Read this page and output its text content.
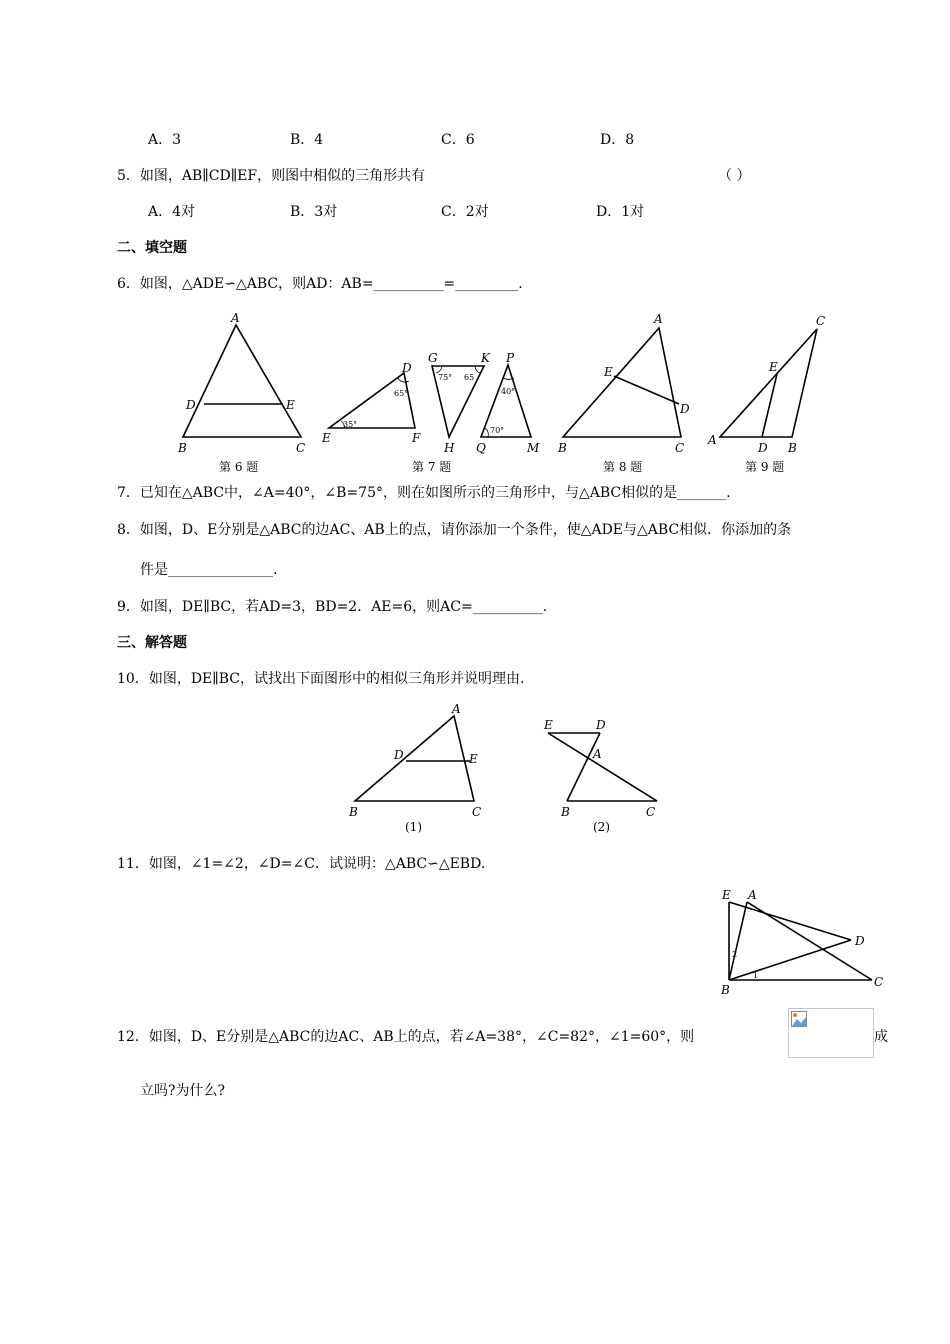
A．3	B．4	C．6	D．8
5．如图，AB∥CD∥EF，则图中相似的三角形共有	（ ）
A．4对	B．3对	C．2对	D．1对
二、填空题
6．如图，△ADE∽△ABC，则AD：AB=__________=_________.
A
D	E
B	C
D
E	F
G	K
H
P
Q	M
65°
35°
75° 65
40°
70°
A
E
D
B	C
C
E
A
D B
第 6 题	第 7 题	第 8 题	第 9 题
7．已知在△ABC中，∠A=40°，∠B=75°，则在如图所示的三角形中，与△ABC相似的是_______.
8．如图，D、E分别是△ABC的边AC、AB上的点，请你添加一个条件，使△ADE与△ABC相似．你添加的条
件是_______________.
9．如图，DE∥BC，若AD=3，BD=2．AE=6，则AC=__________.
三、解答题
10．如图，DE∥BC，试找出下面图形中的相似三角形并说明理由.
A
D	E
B	C
E	D
A
B	C
(1)	(2)
11．如图，∠1=∠2，∠D=∠C．试说明：△ABC∽△EBD.
E A
D
C
B
2
1
12．如图，D、E分别是△ABC的边AC、AB上的点，若∠A=38°，∠C=82°，∠1=60°，则	成
立吗?为什么?
